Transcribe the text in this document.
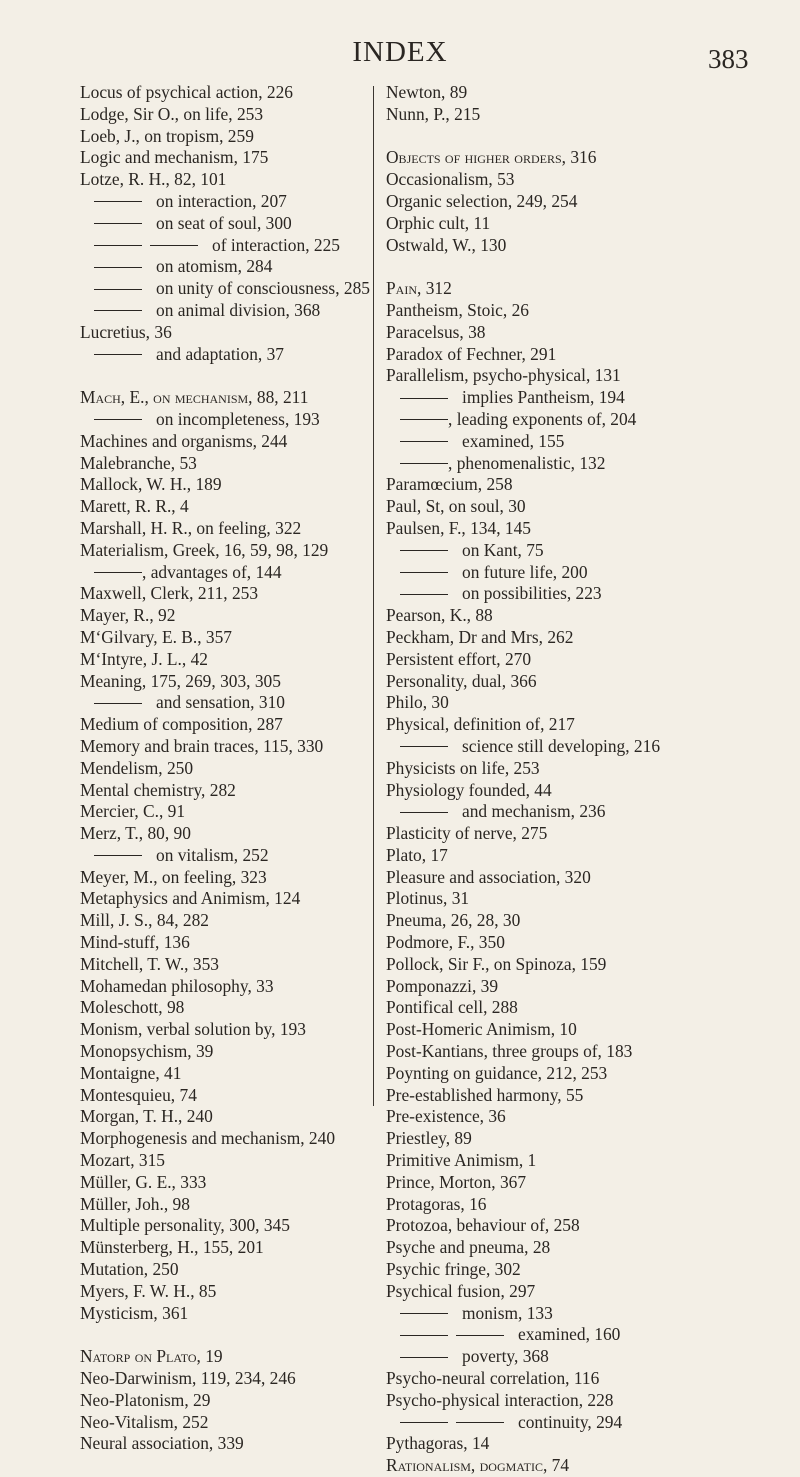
INDEX	383
Locus of psychical action, 226
Lodge, Sir O., on life, 253
Loeb, J., on tropism, 259
Logic and mechanism, 175
Lotze, R. H., 82, 101
on interaction, 207
on seat of soul, 300
of interaction, 225
on atomism, 284
on unity of consciousness, 285
on animal division, 368
Lucretius, 36
and adaptation, 37
Mach, E., on mechanism, 88, 211
on incompleteness, 193
Machines and organisms, 244
Malebranche, 53
Mallock, W. H., 189
Marett, R. R., 4
Marshall, H. R., on feeling, 322
Materialism, Greek, 16, 59, 98, 129
, advantages of, 144
Maxwell, Clerk, 211, 253
Mayer, R., 92
M‘Gilvary, E. B., 357
M‘Intyre, J. L., 42
Meaning, 175, 269, 303, 305
and sensation, 310
Medium of composition, 287
Memory and brain traces, 115, 330
Mendelism, 250
Mental chemistry, 282
Mercier, C., 91
Merz, T., 80, 90
on vitalism, 252
Meyer, M., on feeling, 323
Metaphysics and Animism, 124
Mill, J. S., 84, 282
Mind-stuff, 136
Mitchell, T. W., 353
Mohamedan philosophy, 33
Moleschott, 98
Monism, verbal solution by, 193
Monopsychism, 39
Montaigne, 41
Montesquieu, 74
Morgan, T. H., 240
Morphogenesis and mechanism, 240
Mozart, 315
Müller, G. E., 333
Müller, Joh., 98
Multiple personality, 300, 345
Münsterberg, H., 155, 201
Mutation, 250
Myers, F. W. H., 85
Mysticism, 361
Natorp on Plato, 19
Neo-Darwinism, 119, 234, 246
Neo-Platonism, 29
Neo-Vitalism, 252
Neural association, 339
Newton, 89
Nunn, P., 215
Objects of higher orders, 316
Occasionalism, 53
Organic selection, 249, 254
Orphic cult, 11
Ostwald, W., 130
Pain, 312
Pantheism, Stoic, 26
Paracelsus, 38
Paradox of Fechner, 291
Parallelism, psycho-physical, 131
implies Pantheism, 194
, leading exponents of, 204
examined, 155
, phenomenalistic, 132
Paramœcium, 258
Paul, St, on soul, 30
Paulsen, F., 134, 145
on Kant, 75
on future life, 200
on possibilities, 223
Pearson, K., 88
Peckham, Dr and Mrs, 262
Persistent effort, 270
Personality, dual, 366
Philo, 30
Physical, definition of, 217
science still developing, 216
Physicists on life, 253
Physiology founded, 44
and mechanism, 236
Plasticity of nerve, 275
Plato, 17
Pleasure and association, 320
Plotinus, 31
Pneuma, 26, 28, 30
Podmore, F., 350
Pollock, Sir F., on Spinoza, 159
Pomponazzi, 39
Pontifical cell, 288
Post-Homeric Animism, 10
Post-Kantians, three groups of, 183
Poynting on guidance, 212, 253
Pre-established harmony, 55
Pre-existence, 36
Priestley, 89
Primitive Animism, 1
Prince, Morton, 367
Protagoras, 16
Protozoa, behaviour of, 258
Psyche and pneuma, 28
Psychic fringe, 302
Psychical fusion, 297
monism, 133
examined, 160
poverty, 368
Psycho-neural correlation, 116
Psycho-physical interaction, 228
continuity, 294
Pythagoras, 14
Rationalism, dogmatic, 74
